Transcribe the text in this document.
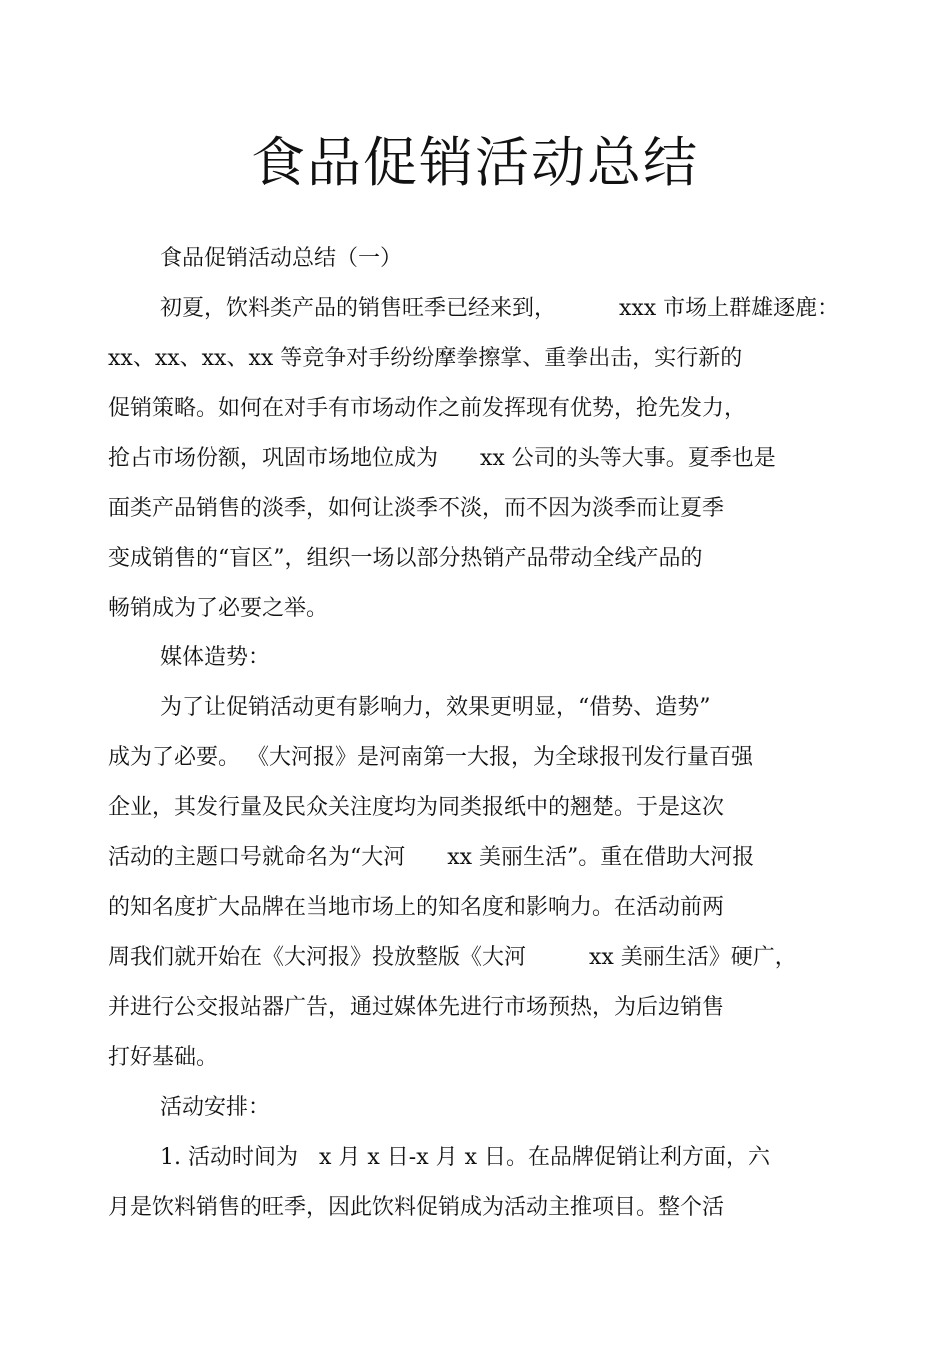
食品促销活动总结
食品促销活动总结（一）
初夏，饮料类产品的销售旺季已经来到，         xxx 市场上群雄逐鹿：
xx、xx、xx、xx 等竞争对手纷纷摩拳擦掌、重拳出击，实行新的
促销策略。如何在对手有市场动作之前发挥现有优势，抢先发力，
抢占市场份额，巩固市场地位成为      xx 公司的头等大事。夏季也是
面类产品销售的淡季，如何让淡季不淡，而不因为淡季而让夏季
变成销售的“盲区”，组织一场以部分热销产品带动全线产品的
畅销成为了必要之举。
媒体造势：
为了让促销活动更有影响力，效果更明显，“借势、造势”
成为了必要。 《大河报》是河南第一大报，为全球报刊发行量百强
企业，其发行量及民众关注度均为同类报纸中的翘楚。于是这次
活动的主题口号就命名为“大河      xx 美丽生活”。重在借助大河报
的知名度扩大品牌在当地市场上的知名度和影响力。在活动前两
周我们就开始在《大河报》投放整版《大河         xx 美丽生活》硬广，
并进行公交报站器广告，通过媒体先进行市场预热，为后边销售
打好基础。
活动安排：
1. 活动时间为   x 月 x 日-x 月 x 日。在品牌促销让利方面，六
月是饮料销售的旺季，因此饮料促销成为活动主推项目。整个活
